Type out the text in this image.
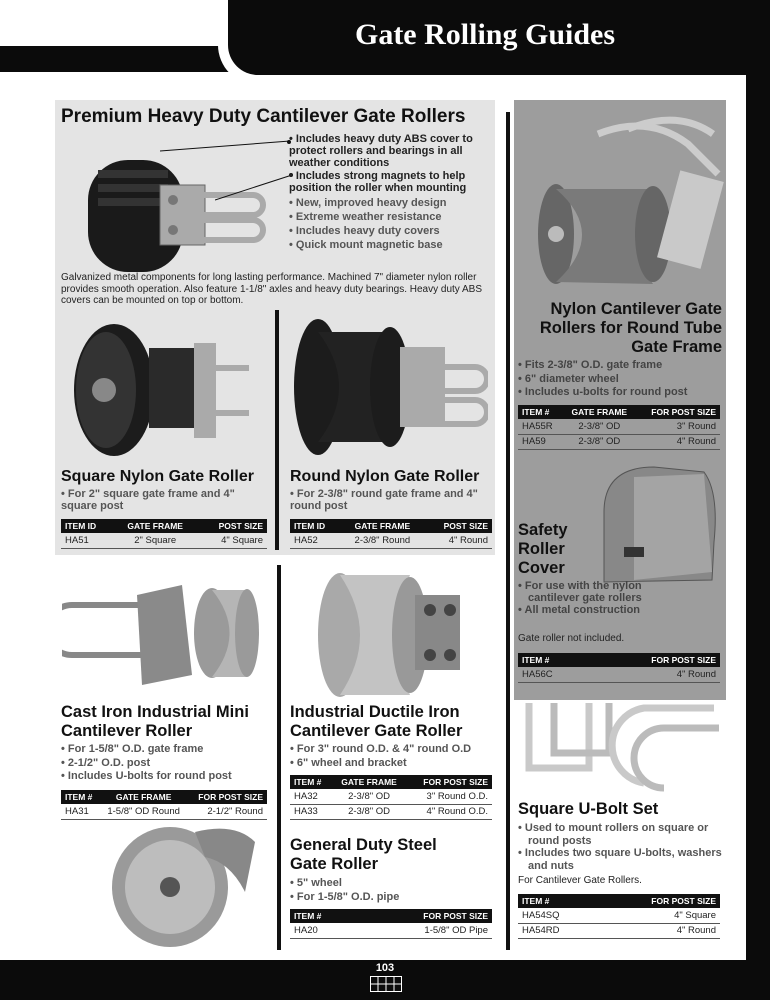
Gate Rolling Guides
Premium Heavy Duty Cantilever Gate Rollers
• Includes heavy duty ABS cover to protect rollers and bearings in all weather conditions
• Includes strong magnets to help position the roller when mounting
• New, improved heavy design
• Extreme weather resistance
• Includes heavy duty covers
• Quick mount magnetic base
Galvanized metal components for long lasting performance. Machined 7" diameter nylon roller provides smooth operation. Also feature 1-1/8" axles and heavy duty bearings. Heavy duty ABS covers can be mounted on top or bottom.
Square Nylon Gate Roller
• For 2" square gate frame and 4" square post
ITEM ID	GATE FRAME	POST SIZE
HA51	2" Square	4" Square
Round Nylon Gate Roller
• For 2-3/8" round gate frame and 4" round post
ITEM ID	GATE FRAME	POST SIZE
HA52	2-3/8" Round	4" Round
Nylon Cantilever Gate Rollers for Round Tube Gate Frame
• Fits 2-3/8" O.D. gate frame
• 6" diameter wheel
• Includes u-bolts for round post
ITEM #	GATE FRAME	FOR POST SIZE
HA55R	2-3/8" OD	3" Round
HA59	2-3/8" OD	4" Round
Safety Roller Cover
• For use with the nylon cantilever gate rollers
• All metal construction
Gate roller not included.
ITEM #	FOR POST SIZE
HA56C	4" Round
Cast Iron Industrial Mini Cantilever Roller
• For 1-5/8" O.D. gate frame
• 2-1/2" O.D. post
• Includes U-bolts for round post
ITEM #	GATE FRAME	FOR POST SIZE
HA31	1-5/8" OD Round	2-1/2" Round
Industrial Ductile Iron Cantilever Gate Roller
• For 3" round O.D. & 4" round O.D
• 6" wheel and bracket
ITEM #	GATE FRAME	FOR POST SIZE
HA32	2-3/8" OD	3" Round O.D.
HA33	2-3/8" OD	4" Round O.D.
General Duty Steel Gate Roller
• 5" wheel
• For 1-5/8" O.D. pipe
ITEM #	FOR POST SIZE
HA20	1-5/8" OD Pipe
Square U-Bolt Set
• Used to mount rollers on square or round posts
• Includes two square U-bolts, washers and nuts
For Cantilever Gate Rollers.
ITEM #	FOR POST SIZE
HA54SQ	4" Square
HA54RD	4" Round
103
